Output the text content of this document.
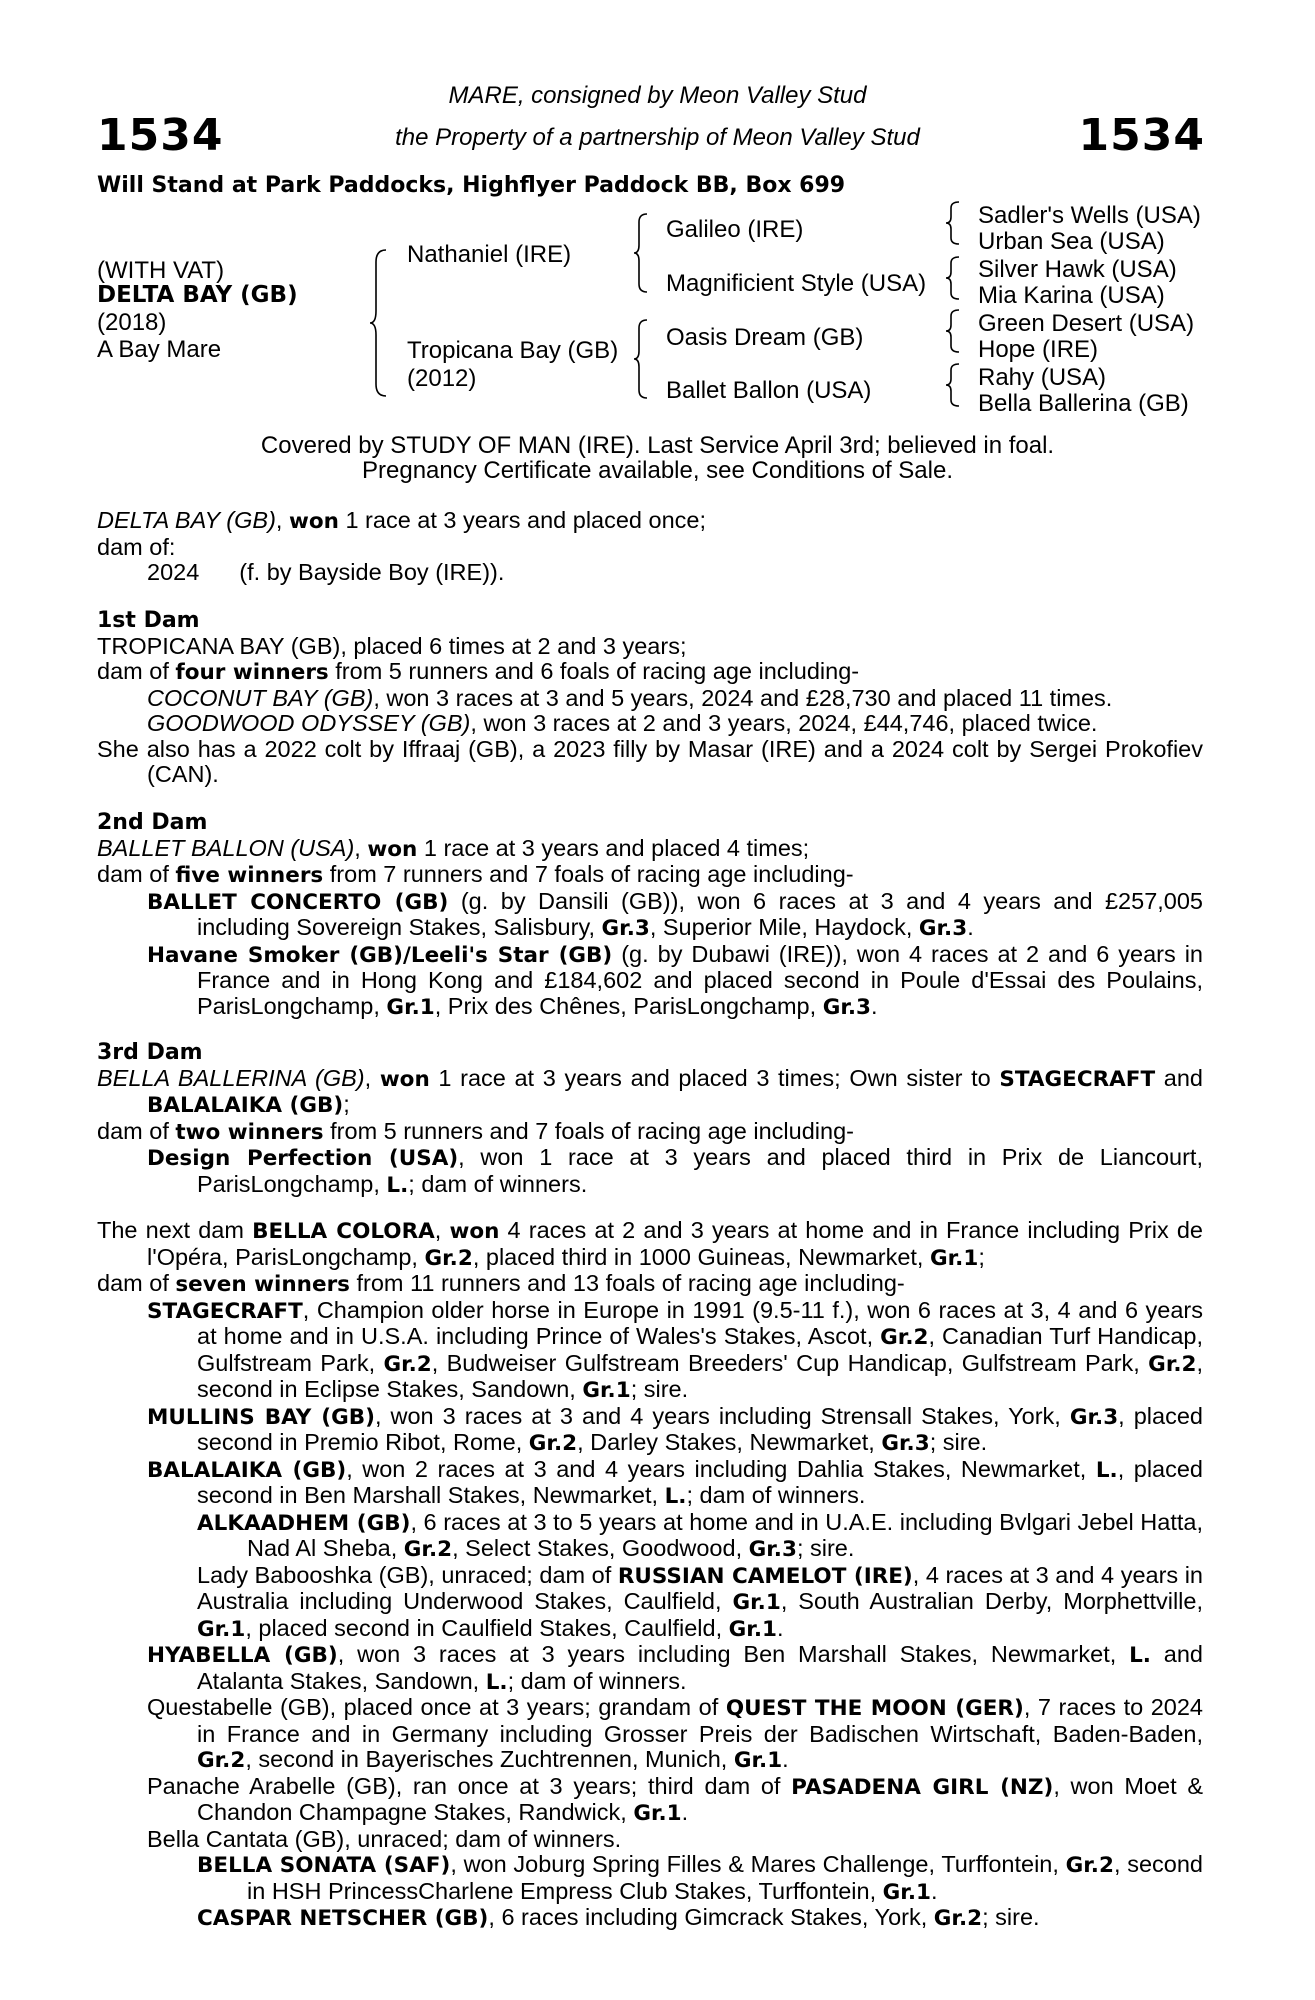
1534	1534
MARE, consigned by Meon Valley Stud
the Property of a partnership of Meon Valley Stud
Will Stand at Park Paddocks, Highflyer Paddock BB, Box 699
(WITH VAT)
DELTA BAY (GB)
(2018)
A Bay Mare
Nathaniel (IRE)
Tropicana Bay (GB)
(2012)
Galileo (IRE)
Magnificient Style (USA)
Oasis Dream (GB)
Ballet Ballon (USA)
Sadler's Wells (USA)
Urban Sea (USA)
Silver Hawk (USA)
Mia Karina (USA)
Green Desert (USA)
Hope (IRE)
Rahy (USA)
Bella Ballerina (GB)
Covered by STUDY OF MAN (IRE). Last Service April 3rd; believed in foal.
Pregnancy Certificate available, see Conditions of Sale.

DELTA BAY (GB), won 1 race at 3 years and placed once;

dam of:

2024 (f. by Bayside Boy (IRE)).

1st Dam

TROPICANA BAY (GB), placed 6 times at 2 and 3 years;

dam of four winners from 5 runners and 6 foals of racing age including-

COCONUT BAY (GB), won 3 races at 3 and 5 years, 2024 and £28,730 and placed 11 times.

GOODWOOD ODYSSEY (GB), won 3 races at 2 and 3 years, 2024, £44,746, placed twice.

She also has a 2022 colt by Iffraaj (GB), a 2023 filly by Masar (IRE) and a 2024 colt by Sergei Prokofiev (CAN).

2nd Dam

BALLET BALLON (USA), won 1 race at 3 years and placed 4 times;

dam of five winners from 7 runners and 7 foals of racing age including-

BALLET CONCERTO (GB) (g. by Dansili (GB)), won 6 races at 3 and 4 years and £257,005 including Sovereign Stakes, Salisbury, Gr.3, Superior Mile, Haydock, Gr.3.

Havane Smoker (GB)/Leeli's Star (GB) (g. by Dubawi (IRE)), won 4 races at 2 and 6 years in France and in Hong Kong and £184,602 and placed second in Poule d'Essai des Poulains, ParisLongchamp, Gr.1, Prix des Chênes, ParisLongchamp, Gr.3.

3rd Dam

BELLA BALLERINA (GB), won 1 race at 3 years and placed 3 times; Own sister to STAGECRAFT and BALALAIKA (GB);

dam of two winners from 5 runners and 7 foals of racing age including-

Design Perfection (USA), won 1 race at 3 years and placed third in Prix de Liancourt, ParisLongchamp, L.; dam of winners.

The next dam BELLA COLORA, won 4 races at 2 and 3 years at home and in France including Prix de l'Opéra, ParisLongchamp, Gr.2, placed third in 1000 Guineas, Newmarket, Gr.1;

dam of seven winners from 11 runners and 13 foals of racing age including-

STAGECRAFT, Champion older horse in Europe in 1991 (9.5-11 f.), won 6 races at 3, 4 and 6 years at home and in U.S.A. including Prince of Wales's Stakes, Ascot, Gr.2, Canadian Turf Handicap, Gulfstream Park, Gr.2, Budweiser Gulfstream Breeders' Cup Handicap, Gulfstream Park, Gr.2, second in Eclipse Stakes, Sandown, Gr.1; sire.

MULLINS BAY (GB), won 3 races at 3 and 4 years including Strensall Stakes, York, Gr.3, placed second in Premio Ribot, Rome, Gr.2, Darley Stakes, Newmarket, Gr.3; sire.

BALALAIKA (GB), won 2 races at 3 and 4 years including Dahlia Stakes, Newmarket, L., placed second in Ben Marshall Stakes, Newmarket, L.; dam of winners.

ALKAADHEM (GB), 6 races at 3 to 5 years at home and in U.A.E. including Bvlgari Jebel Hatta, Nad Al Sheba, Gr.2, Select Stakes, Goodwood, Gr.3; sire.

Lady Babooshka (GB), unraced; dam of RUSSIAN CAMELOT (IRE), 4 races at 3 and 4 years in Australia including Underwood Stakes, Caulfield, Gr.1, South Australian Derby, Morphettville, Gr.1, placed second in Caulfield Stakes, Caulfield, Gr.1.

HYABELLA (GB), won 3 races at 3 years including Ben Marshall Stakes, Newmarket, L. and Atalanta Stakes, Sandown, L.; dam of winners.

Questabelle (GB), placed once at 3 years; grandam of QUEST THE MOON (GER), 7 races to 2024 in France and in Germany including Grosser Preis der Badischen Wirtschaft, Baden-Baden, Gr.2, second in Bayerisches Zuchtrennen, Munich, Gr.1.

Panache Arabelle (GB), ran once at 3 years; third dam of PASADENA GIRL (NZ), won Moet & Chandon Champagne Stakes, Randwick, Gr.1.

Bella Cantata (GB), unraced; dam of winners.

BELLA SONATA (SAF), won Joburg Spring Filles & Mares Challenge, Turffontein, Gr.2, second in HSH PrincessCharlene Empress Club Stakes, Turffontein, Gr.1.

CASPAR NETSCHER (GB), 6 races including Gimcrack Stakes, York, Gr.2; sire.
